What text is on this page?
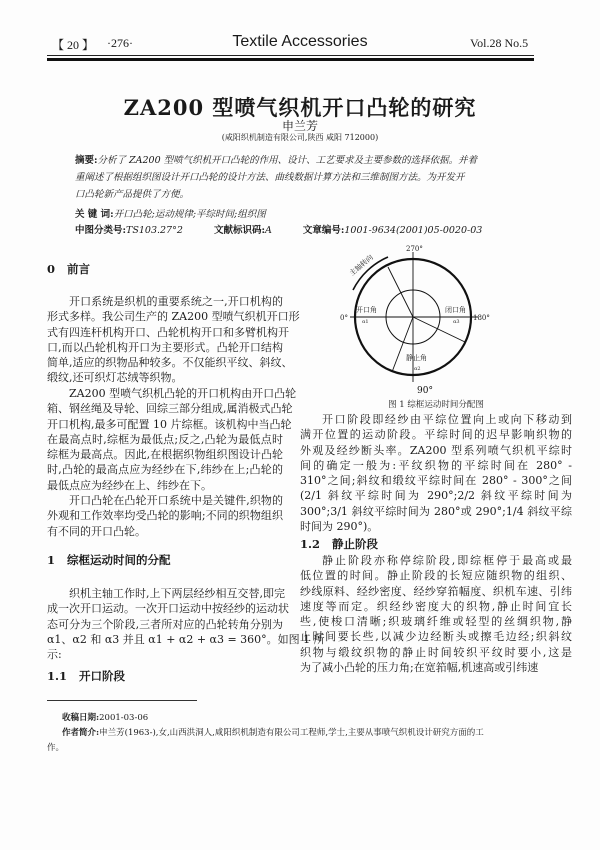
【 20 】 ·276·	Textile Accessories	Vol.28 No.5
ZA200 型喷气织机开口凸轮的研究
申兰芳
(咸阳织机制造有限公司,陕西 咸阳 712000)
摘要:分析了 ZA200 型喷气织机开口凸轮的作用、设计、工艺要求及主要参数的选择依据。并着
重阐述了根据组织图设计开口凸轮的设计方法、曲线数据计算方法和三维制图方法。为开发开
口凸轮新产品提供了方便。
关 键 词:开口凸轮;运动规律;平综时间;组织图
中图分类号:TS103.27°2	文献标识码:A	文章编号:1001-9634(2001)05-0020-03
0   前言
开口系统是织机的重要系统之一,开口机构的
形式多样。我公司生产的 ZA200 型喷气织机开口形
式有四连杆机构开口、凸轮机构开口和多臂机构开
口,而以凸轮机构开口为主要形式。凸轮开口结构
简单,适应的织物品种较多。不仅能织平纹、斜纹、
缎纹,还可织灯芯绒等织物。
ZA200 型喷气织机凸轮的开口机构由开口凸轮
箱、钢丝绳及导轮、回综三部分组成,属消极式凸轮
开口机构,最多可配置 10 片综框。该机构中当凸轮
在最高点时,综框为最低点;反之,凸轮为最低点时
综框为最高点。因此,在根据织物组织图设计凸轮
时,凸轮的最高点应为经纱在下,纬纱在上;凸轮的
最低点应为经纱在上、纬纱在下。
开口凸轮在凸轮开口系统中是关键件,织物的
外观和工作效率均受凸轮的影响;不同的织物组织
有不同的开口凸轮。
1   综框运动时间的分配
织机主轴工作时,上下两层经纱相互交替,即完
成一次开口运动。一次开口运动中按经纱的运动状
态可分为三个阶段,三者所对应的凸轮转角分别为
α1、α2 和 α3 并且 α1 + α2 + α3 = 360°。如图 1 所
示:
1.1   开口阶段
270°
180°
90°
0°
主轴转向
开口角
α1
闭口角
α3
静止角
α2
图 1 综框运动时间分配图
开口阶段即经纱由平综位置向上或向下移动到
满开位置的运动阶段。平综时间的迟早影响织物的
外观及经纱断头率。ZA200 型系列喷气织机平综时
间的确定一般为:平纹织物的平综时间在 280° -
310°之间;斜纹和缎纹平综时间在 280° - 300°之间
(2/1 斜纹平综时间为 290°;2/2 斜纹平综时间为
300°;3/1 斜纹平综时间为 280°或 290°;1/4 斜纹平综
时间为 290°)。
1.2   静止阶段
静止阶段亦称停综阶段,即综框停于最高或最
低位置的时间。静止阶段的长短应随织物的组织、
纱线原料、经纱密度、经纱穿筘幅度、织机车速、引纬
速度等而定。织经纱密度大的织物,静止时间宜长
些,使梭口清晰;织玻璃纤维或轻型的丝绸织物,静
止时间要长些,以减少边经断头或擦毛边经;织斜纹
织物与缎纹织物的静止时间较织平纹时要小,这是
为了减小凸轮的压力角;在宽筘幅,机速高或引纬速
收稿日期:2001-03-06
作者简介:申兰芳(1963-),女,山西洪洞人,咸阳织机制造有限公司工程师,学士,主要从事喷气织机设计研究方面的工
作。
